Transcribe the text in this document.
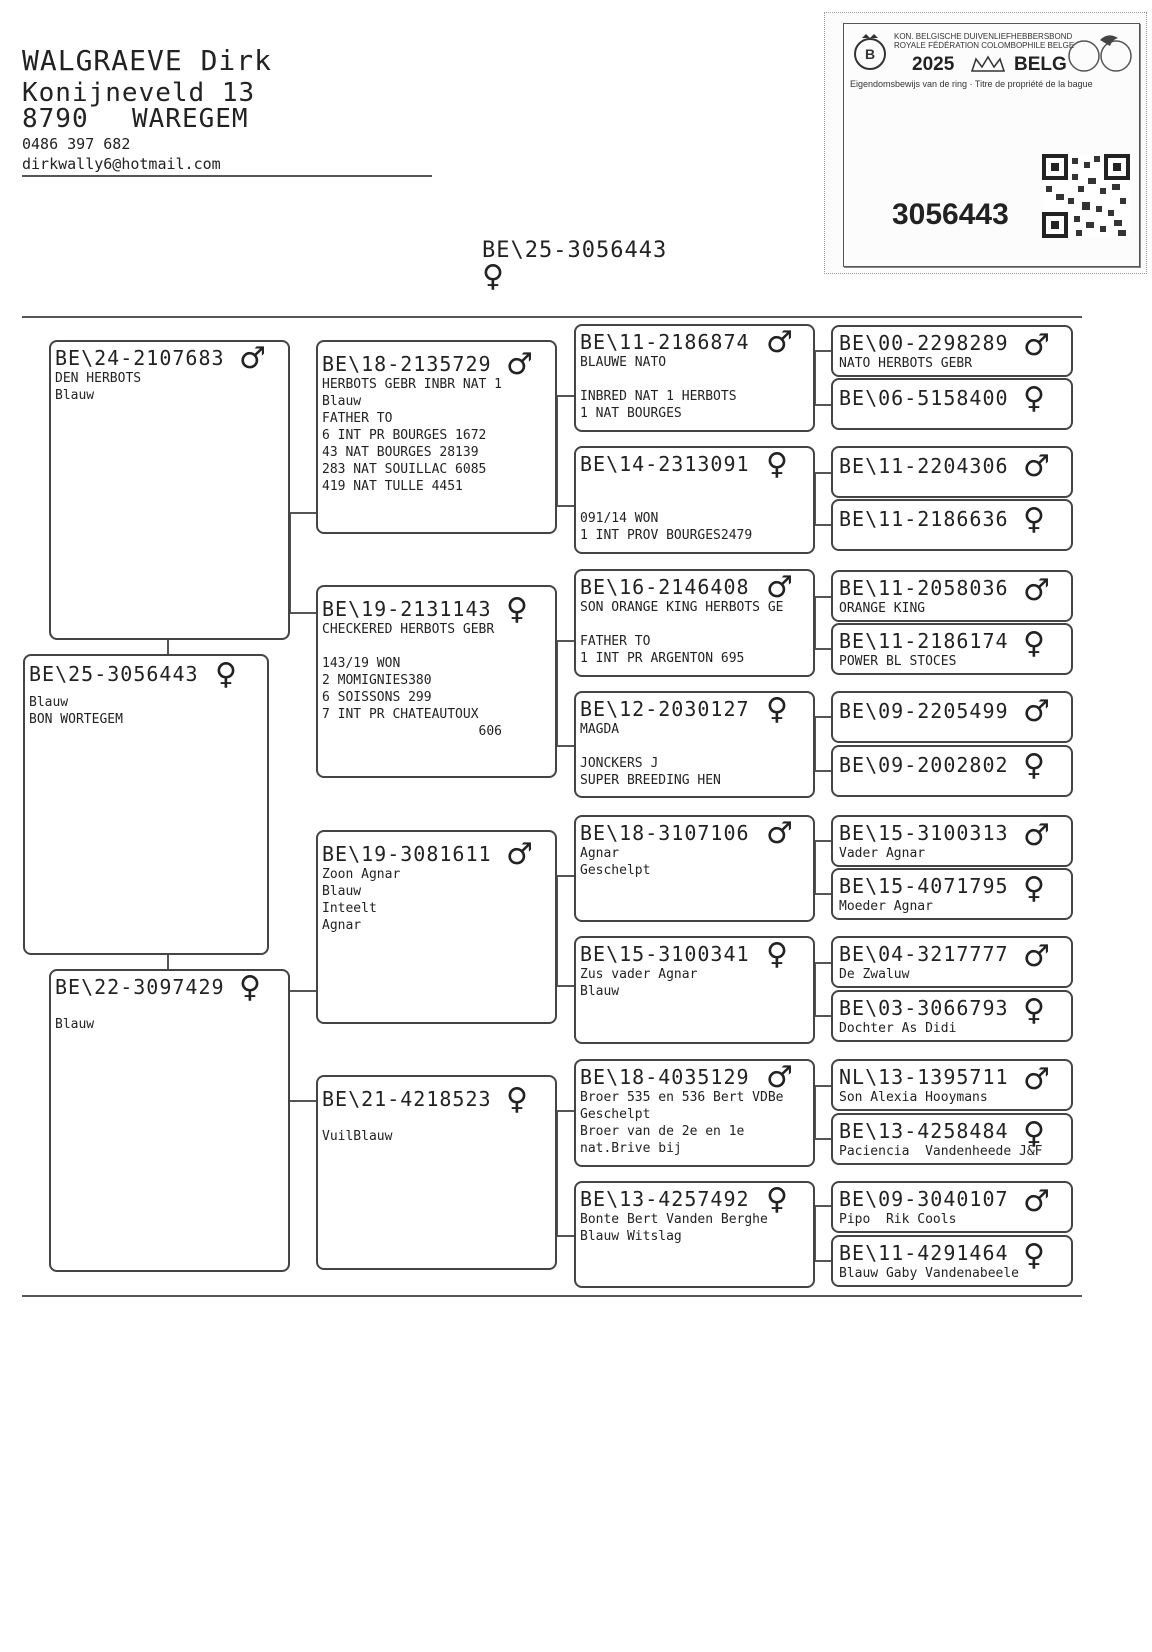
WALGRAEVE Dirk
Konijneveld 13
8790 WAREGEM
0486 397 682
dirkwally6@hotmail.com
B
KON. BELGISCHE DUIVENLIEFHEBBERSBOND
ROYALE FÉDÉRATION COLOMBOPHILE BELGE
2025	BELG
Eigendomsbewijs van de ring · Titre de propriété de la bague
3056443
BE\25-3056443
♀
BE\24-2107683
DEN HERBOTS
Blauw
♂
BE\25-3056443
Blauw
BON WORTEGEM
♀
BE\22-3097429

Blauw
♀
BE\18-2135729
HERBOTS GEBR INBR NAT 1
Blauw
FATHER TO
6 INT PR BOURGES 1672
43 NAT BOURGES 28139
283 NAT SOUILLAC 6085
419 NAT TULLE 4451
♂
BE\19-2131143
CHECKERED HERBOTS GEBR

143/19 WON
2 MOMIGNIES380
6 SOISSONS 299
7 INT PR CHATEAUTOUX
606
♀
BE\19-3081611
Zoon Agnar
Blauw
Inteelt
Agnar
♂
BE\21-4218523

VuilBlauw
♀
BE\11-2186874
BLAUWE NATO

INBRED NAT 1 HERBOTS
1 NAT BOURGES
♂
BE\14-2313091

091/14 WON
1 INT PROV BOURGES2479
♀
BE\16-2146408
SON ORANGE KING HERBOTS GE

FATHER TO
1 INT PR ARGENTON 695
♂
BE\12-2030127
MAGDA

JONCKERS J
SUPER BREEDING HEN
♀
BE\18-3107106
Agnar
Geschelpt
♂
BE\15-3100341
Zus vader Agnar
Blauw
♀
BE\18-4035129
Broer 535 en 536 Bert VDBe
Geschelpt
Broer van de 2e en 1e
nat.Brive bij
♂
BE\13-4257492
Bonte Bert Vanden Berghe
Blauw Witslag
♀
BE\00-2298289
NATO HERBOTS GEBR
♂
BE\06-5158400 ♀
BE\11-2204306 ♂
BE\11-2186636 ♀
BE\11-2058036
ORANGE KING
♂
BE\11-2186174
POWER BL STOCES
♀
BE\09-2205499 ♂
BE\09-2002802 ♀
BE\15-3100313
Vader Agnar
♂
BE\15-4071795
Moeder Agnar
♀
BE\04-3217777
De Zwaluw
♂
BE\03-3066793
Dochter As Didi
♀
NL\13-1395711
Son Alexia Hooymans
♂
BE\13-4258484
Paciencia  Vandenheede J&F
♀
BE\09-3040107
Pipo  Rik Cools
♂
BE\11-4291464
Blauw Gaby Vandenabeele
♀
